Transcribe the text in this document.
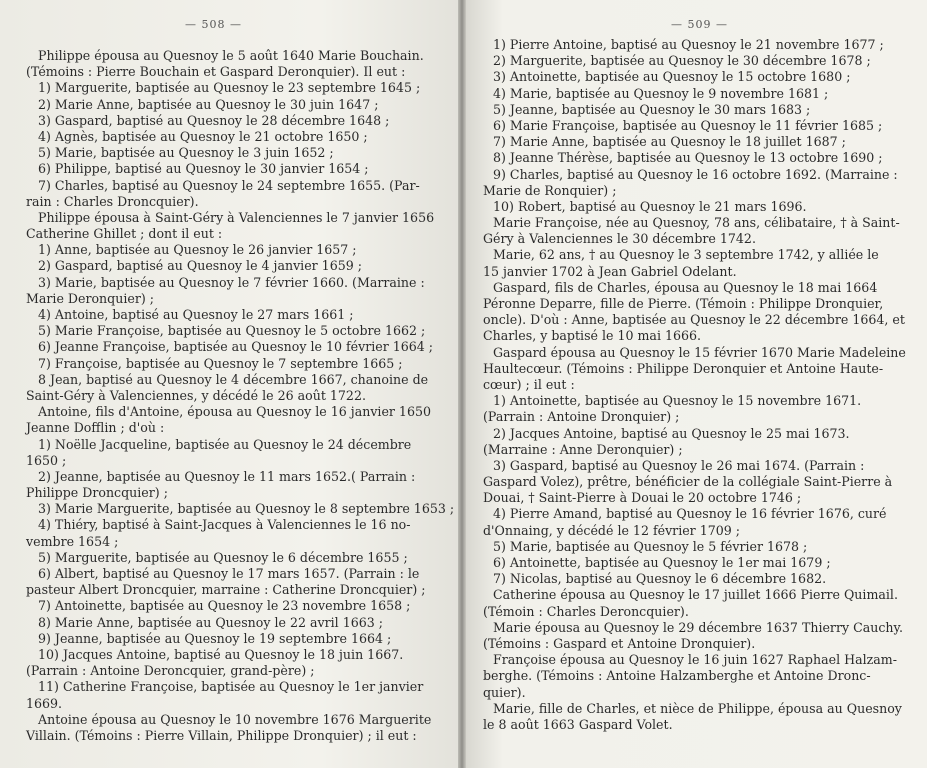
— 508 —
Philippe épousa au Quesnoy le 5 août 1640 Marie Bouchain.
(Témoins : Pierre Bouchain et Gaspard Deronquier). Il eut :
1) Marguerite, baptisée au Quesnoy le 23 septembre 1645 ;
2) Marie Anne, baptisée au Quesnoy le 30 juin 1647 ;
3) Gaspard, baptisé au Quesnoy le 28 décembre 1648 ;
4) Agnès, baptisée au Quesnoy le 21 octobre 1650 ;
5) Marie, baptisée au Quesnoy le 3 juin 1652 ;
6) Philippe, baptisé au Quesnoy le 30 janvier 1654 ;
7) Charles, baptisé au Quesnoy le 24 septembre 1655. (Par-
rain : Charles Droncquier).
Philippe épousa à Saint-Géry à Valenciennes le 7 janvier 1656
Catherine Ghillet ; dont il eut :
1) Anne, baptisée au Quesnoy le 26 janvier 1657 ;
2) Gaspard, baptisé au Quesnoy le 4 janvier 1659 ;
3) Marie, baptisée au Quesnoy le 7 février 1660. (Marraine :
Marie Deronquier) ;
4) Antoine, baptisé au Quesnoy le 27 mars 1661 ;
5) Marie Françoise, baptisée au Quesnoy le 5 octobre 1662 ;
6) Jeanne Françoise, baptisée au Quesnoy le 10 février 1664 ;
7) Françoise, baptisée au Quesnoy le 7 septembre 1665 ;
8 Jean, baptisé au Quesnoy le 4 décembre 1667, chanoine de
Saint-Géry à Valenciennes, y décédé le 26 août 1722.
Antoine, fils d'Antoine, épousa au Quesnoy le 16 janvier 1650
Jeanne Dofflin ; d'où :
1) Noëlle Jacqueline, baptisée au Quesnoy le 24 décembre
1650 ;
2) Jeanne, baptisée au Quesnoy le 11 mars 1652.( Parrain :
Philippe Droncquier) ;
3) Marie Marguerite, baptisée au Quesnoy le 8 septembre 1653 ;
4) Thiéry, baptisé à Saint-Jacques à Valenciennes le 16 no-
vembre 1654 ;
5) Marguerite, baptisée au Quesnoy le 6 décembre 1655 ;
6) Albert, baptisé au Quesnoy le 17 mars 1657. (Parrain : le
pasteur Albert Droncquier, marraine : Catherine Droncquier) ;
7) Antoinette, baptisée au Quesnoy le 23 novembre 1658 ;
8) Marie Anne, baptisée au Quesnoy le 22 avril 1663 ;
9) Jeanne, baptisée au Quesnoy le 19 septembre 1664 ;
10) Jacques Antoine, baptisé au Quesnoy le 18 juin 1667.
(Parrain : Antoine Deroncquier, grand-père) ;
11) Catherine Françoise, baptisée au Quesnoy le 1er janvier
1669.
Antoine épousa au Quesnoy le 10 novembre 1676 Marguerite
Villain. (Témoins : Pierre Villain, Philippe Dronquier) ; il eut :
— 509 —
1) Pierre Antoine, baptisé au Quesnoy le 21 novembre 1677 ;
2) Marguerite, baptisée au Quesnoy le 30 décembre 1678 ;
3) Antoinette, baptisée au Quesnoy le 15 octobre 1680 ;
4) Marie, baptisée au Quesnoy le 9 novembre 1681 ;
5) Jeanne, baptisée au Quesnoy le 30 mars 1683 ;
6) Marie Françoise, baptisée au Quesnoy le 11 février 1685 ;
7) Marie Anne, baptisée au Quesnoy le 18 juillet 1687 ;
8) Jeanne Thérèse, baptisée au Quesnoy le 13 octobre 1690 ;
9) Charles, baptisé au Quesnoy le 16 octobre 1692. (Marraine :
Marie de Ronquier) ;
10) Robert, baptisé au Quesnoy le 21 mars 1696.
Marie Françoise, née au Quesnoy, 78 ans, célibataire, † à Saint-
Géry à Valenciennes le 30 décembre 1742.
Marie, 62 ans, † au Quesnoy le 3 septembre 1742, y alliée le
15 janvier 1702 à Jean Gabriel Odelant.
Gaspard, fils de Charles, épousa au Quesnoy le 18 mai 1664
Péronne Deparre, fille de Pierre. (Témoin : Philippe Dronquier,
oncle). D'où : Anne, baptisée au Quesnoy le 22 décembre 1664, et
Charles, y baptisé le 10 mai 1666.
Gaspard épousa au Quesnoy le 15 février 1670 Marie Madeleine
Haultecœur. (Témoins : Philippe Deronquier et Antoine Haute-
cœur) ; il eut :
1) Antoinette, baptisée au Quesnoy le 15 novembre 1671.
(Parrain : Antoine Dronquier) ;
2) Jacques Antoine, baptisé au Quesnoy le 25 mai 1673.
(Marraine : Anne Deronquier) ;
3) Gaspard, baptisé au Quesnoy le 26 mai 1674. (Parrain :
Gaspard Volez), prêtre, bénéficier de la collégiale Saint-Pierre à
Douai, † Saint-Pierre à Douai le 20 octobre 1746 ;
4) Pierre Amand, baptisé au Quesnoy le 16 février 1676, curé
d'Onnaing, y décédé le 12 février 1709 ;
5) Marie, baptisée au Quesnoy le 5 février 1678 ;
6) Antoinette, baptisée au Quesnoy le 1er mai 1679 ;
7) Nicolas, baptisé au Quesnoy le 6 décembre 1682.
Catherine épousa au Quesnoy le 17 juillet 1666 Pierre Quimail.
(Témoin : Charles Deroncquier).
Marie épousa au Quesnoy le 29 décembre 1637 Thierry Cauchy.
(Témoins : Gaspard et Antoine Dronquier).
Françoise épousa au Quesnoy le 16 juin 1627 Raphael Halzam-
berghe. (Témoins : Antoine Halzamberghe et Antoine Dronc-
quier).
Marie, fille de Charles, et nièce de Philippe, épousa au Quesnoy
le 8 août 1663 Gaspard Volet.
